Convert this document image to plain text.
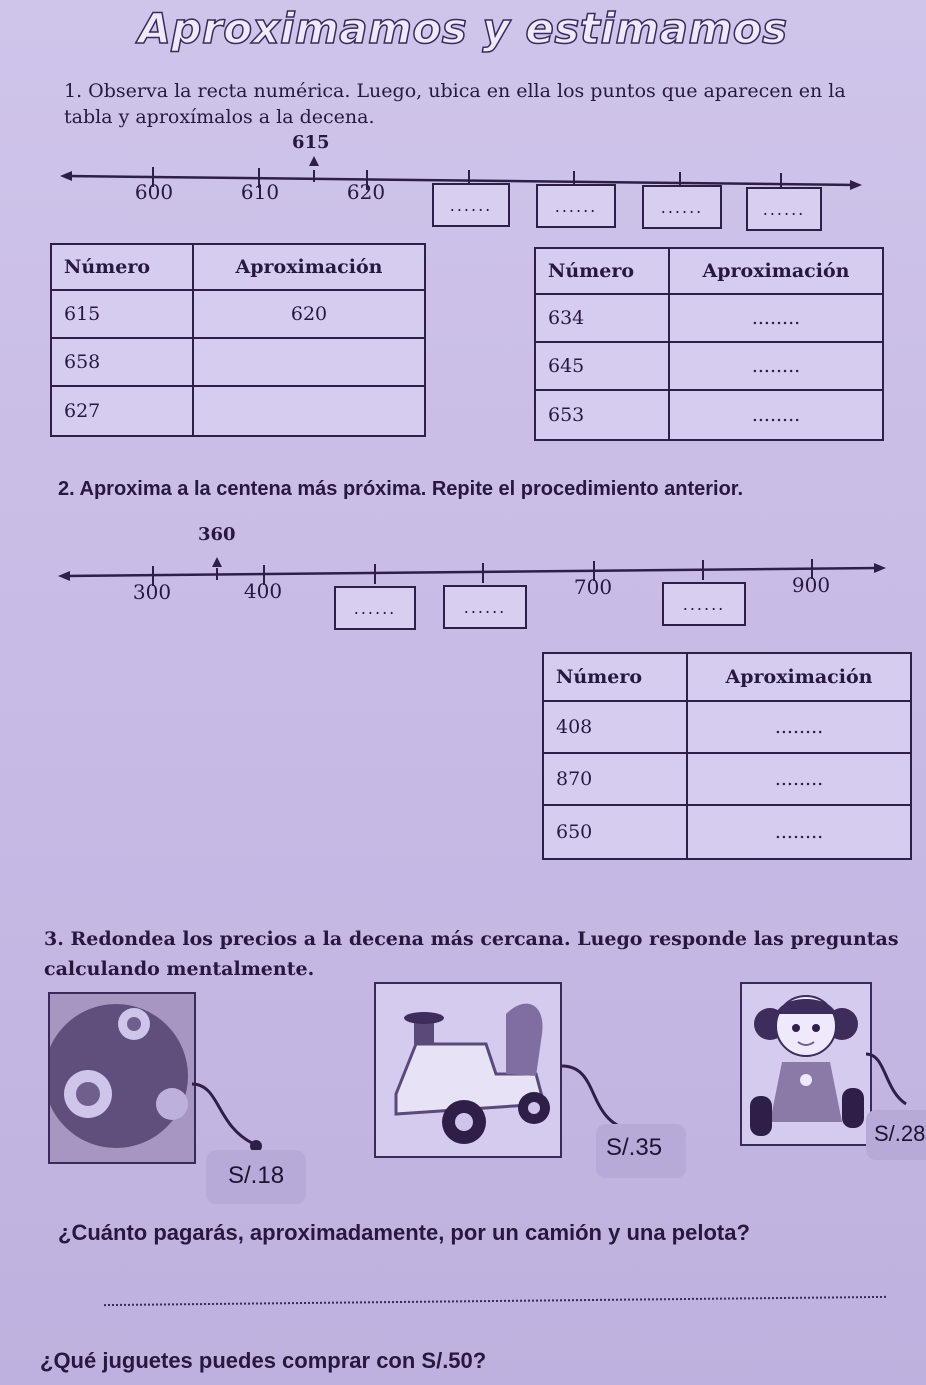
Aproximamos y estimamos
1. Observa la recta numérica. Luego, ubica en ella los puntos que aparecen en la
tabla y aproxímalos a la decena.
615
600	610	620
......	......	......	......
Número	Aproximación
615	620
658	
627	
Número	Aproximación
634	........
645	........
653	........
2. Aproxima a la centena más próxima. Repite el procedimiento anterior.
360
300	400	700	900
......	......	......
Número	Aproximación
408	........
870	........
650	........
3. Redondea los precios a la decena más cercana. Luego responde las preguntas
calculando mentalmente.
S/.18
S/.35
S/.28
¿Cuánto pagarás, aproximadamente, por un camión y una pelota?
¿Qué juguetes puedes comprar con S/.50?
